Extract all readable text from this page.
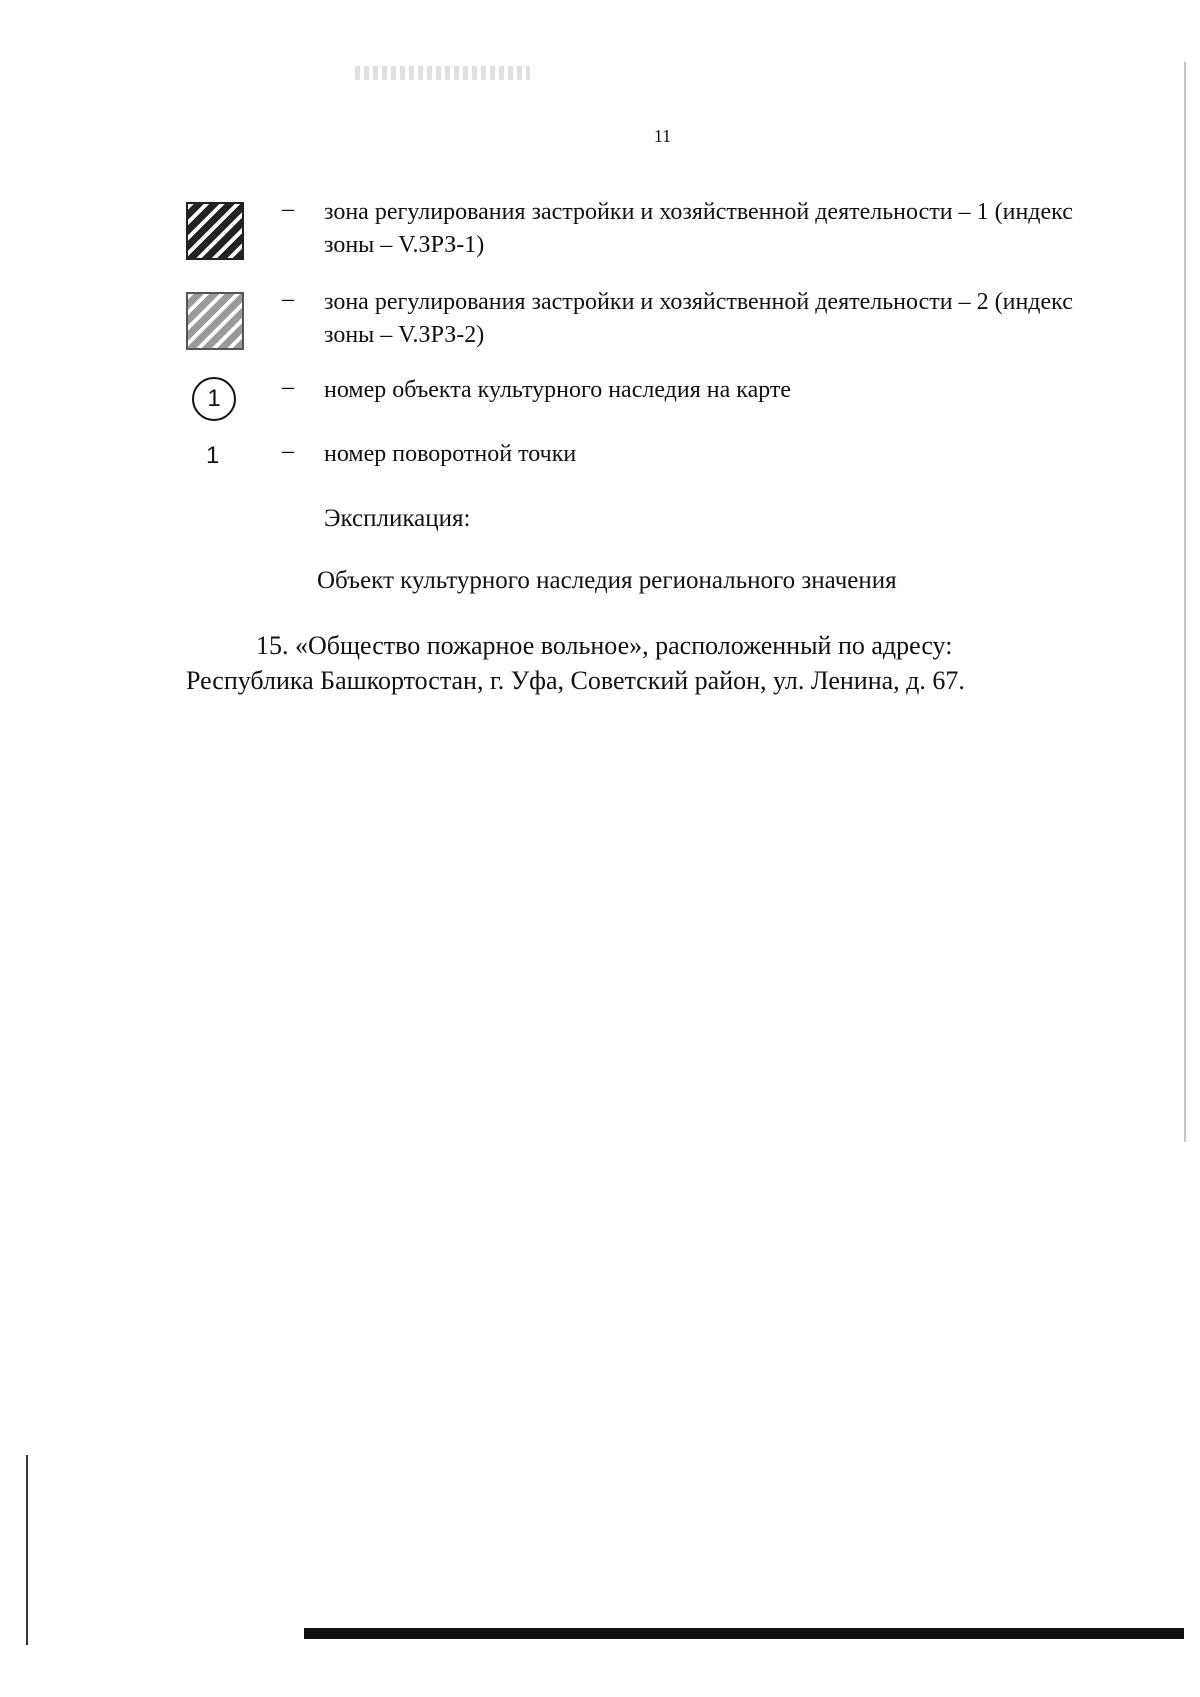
11
– зона регулирования застройки и хозяйственной деятельности – 1 (индекс зоны – V.ЗРЗ-1)
– зона регулирования застройки и хозяйственной деятельности – 2 (индекс зоны – V.ЗРЗ-2)
1	– номер объекта культурного наследия на карте
1	– номер поворотной точки
Экспликация:
Объект культурного наследия регионального значения
15. «Общество пожарное вольное», расположенный по адресу: Республика Башкортостан, г. Уфа, Советский район, ул. Ленина, д. 67.
